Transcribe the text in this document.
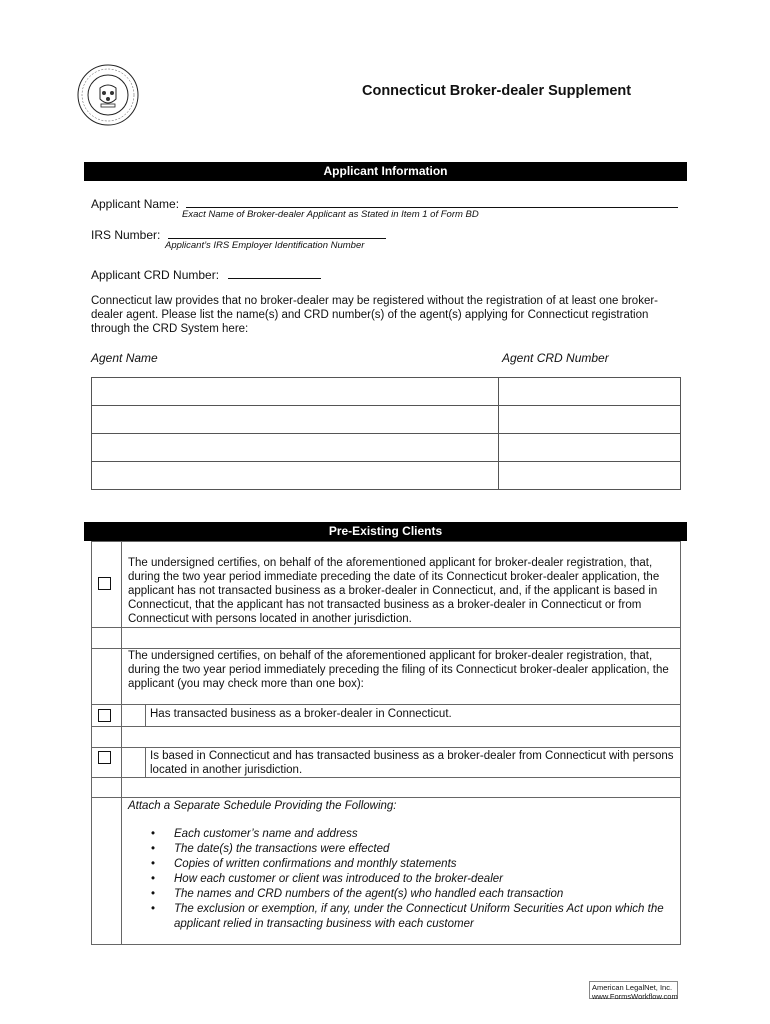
Connecticut Broker-dealer Supplement
Applicant Information
Applicant Name:
Exact Name of Broker-dealer Applicant as Stated in Item 1 of Form BD
IRS Number:
Applicant’s IRS Employer Identification Number
Applicant CRD Number:
Connecticut law provides that no broker-dealer may be registered without the registration of at least one broker-dealer agent. Please list the name(s) and CRD number(s) of the agent(s) applying for Connecticut registration through the CRD System here:
Agent Name	Agent CRD Number

Pre-Existing Clients
The undersigned certifies, on behalf of the aforementioned applicant for broker-dealer registration, that, during the two year period immediate preceding the date of its Connecticut broker-dealer application, the applicant has not transacted business as a broker-dealer in Connecticut, and, if the applicant is based in Connecticut, that the applicant has not transacted business as a broker-dealer in Connecticut or from Connecticut with persons located in another jurisdiction.
The undersigned certifies, on behalf of the aforementioned applicant for broker-dealer registration, that, during the two year period immediately preceding the filing of its Connecticut broker-dealer application, the applicant (you may check more than one box):
Has transacted business as a broker-dealer in Connecticut.
Is based in Connecticut and has transacted business as a broker-dealer from Connecticut with persons located in another jurisdiction.
Attach a Separate Schedule Providing the Following:
• Each customer’s name and address
• The date(s) the transactions were effected
• Copies of written confirmations and monthly statements
• How each customer or client was introduced to the broker-dealer
• The names and CRD numbers of the agent(s) who handled each transaction
• The exclusion or exemption, if any, under the Connecticut Uniform Securities Act upon which the applicant relied in transacting business with each customer
American LegalNet, Inc.
www.FormsWorkflow.com
